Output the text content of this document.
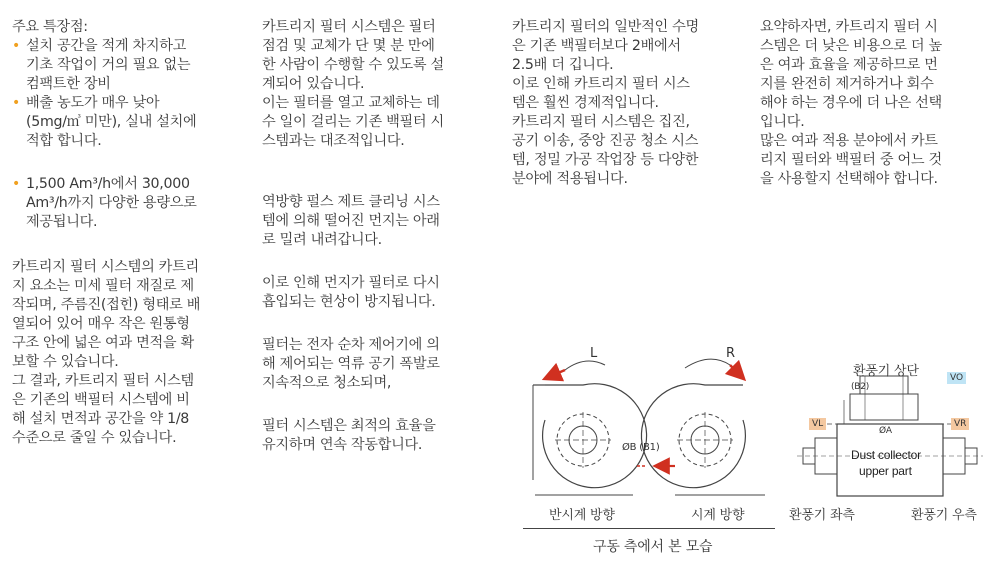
주요 특장점:

• 설치 공간을 적게 차지하고

기초 작업이 거의 필요 없는

컴팩트한 장비

• 배출 농도가 매우 낮아

(5mg/㎥ 미만), 실내 설치에

적합 합니다.

• 1,500 Am³/h에서 30,000

Am³/h까지 다양한 용량으로

제공됩니다.

카트리지 필터 시스템의 카트리

지 요소는 미세 필터 재질로 제

작되며, 주름진(접힌) 형태로 배

열되어 있어 매우 작은 원통형

구조 안에 넓은 여과 면적을 확

보할 수 있습니다.

그 결과, 카트리지 필터 시스템

은 기존의 백필터 시스템에 비

해 설치 면적과 공간을 약 1/8

수준으로 줄일 수 있습니다.

카트리지 필터 시스템은 필터

점검 및 교체가 단 몇 분 만에

한 사람이 수행할 수 있도록 설

계되어 있습니다.

이는 필터를 열고 교체하는 데

수 일이 걸리는 기존 백필터 시

스템과는 대조적입니다.

역방향 펄스 제트 클리닝 시스

템에 의해 떨어진 먼지는 아래

로 밀려 내려갑니다.

이로 인해 먼지가 필터로 다시

흡입되는 현상이 방지됩니다.

필터는 전자 순차 제어기에 의

해 제어되는 역류 공기 폭발로

지속적으로 청소되며,

필터 시스템은 최적의 효율을

유지하며 연속 작동합니다.

카트리지 필터의 일반적인 수명

은 기존 백필터보다 2배에서

2.5배 더 깁니다.

이로 인해 카트리지 필터 시스

템은 훨씬 경제적입니다.

카트리지 필터 시스템은 집진,

공기 이송, 중앙 진공 청소 시스

템, 정밀 가공 작업장 등 다양한

분야에 적용됩니다.

요약하자면, 카트리지 필터 시

스템은 더 낮은 비용으로 더 높

은 여과 효율을 제공하므로 먼

지를 완전히 제거하거나 회수

해야 하는 경우에 더 나은 선택

입니다.

많은 여과 적용 분야에서 카트

리지 필터와 백필터 중 어느 것

을 사용할지 선택해야 합니다.

L	R
ØB (B1)
환풍기 상단
(B2)
ØA
VO
VL	VR
Dust collector
upper part
반시계 방향	시계 방향	환풍기 좌측	환풍기 우측
구동 측에서 본 모습
